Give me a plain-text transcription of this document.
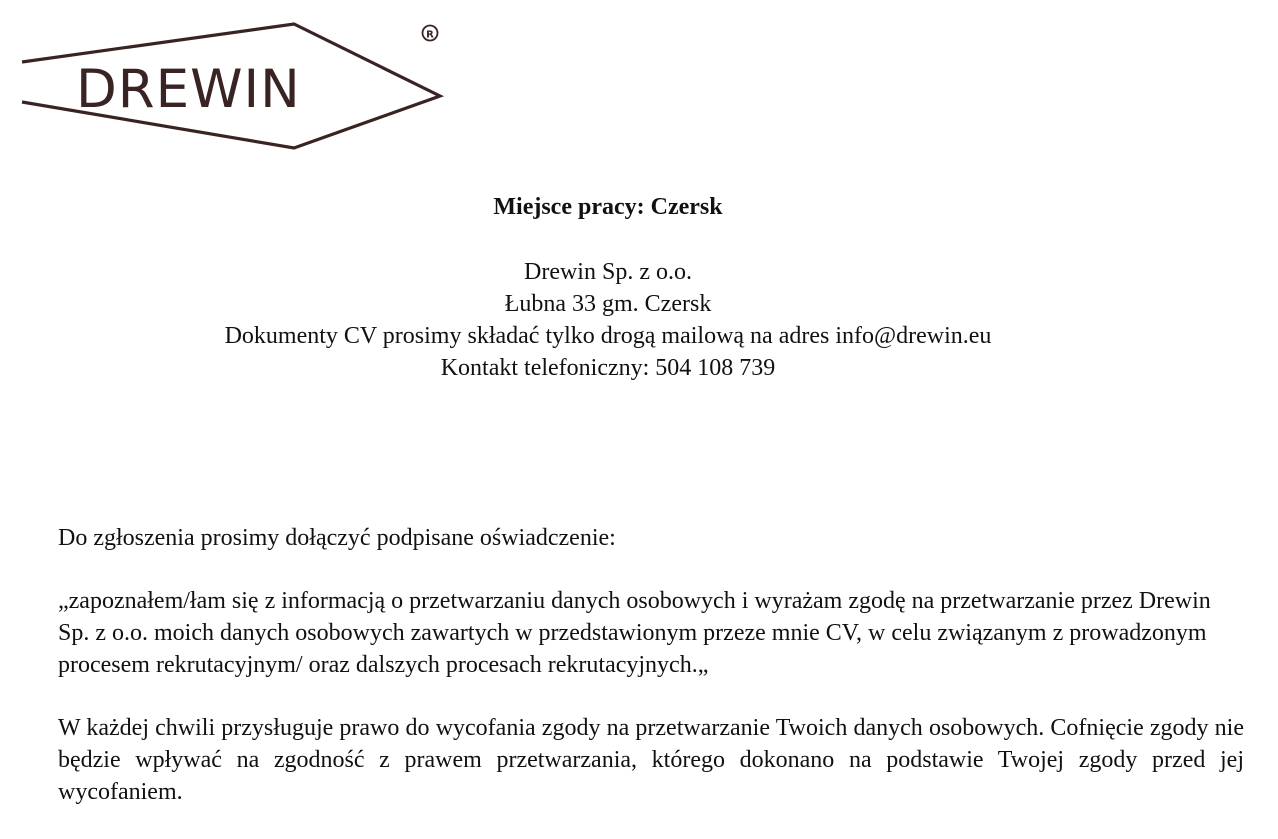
DREWIN
R

Miejsce pracy: Czersk

Drewin Sp. z o.o.

Łubna 33 gm. Czersk

Dokumenty CV prosimy składać tylko drogą mailową na adres info@drewin.eu

Kontakt telefoniczny: 504 108 739

Do zgłoszenia prosimy dołączyć podpisane oświadczenie:

„zapoznałem/łam się z informacją o przetwarzaniu danych osobowych i wyrażam zgodę na przetwarzanie przez Drewin Sp. z o.o. moich danych osobowych zawartych w przedstawionym przeze mnie CV, w celu związanym z prowadzonym procesem rekrutacyjnym/ oraz dalszych procesach rekrutacyjnych.„

W każdej chwili przysługuje prawo do wycofania zgody na przetwarzanie Twoich danych osobowych. Cofnięcie zgody nie będzie wpływać na zgodność z prawem przetwarzania, którego dokonano na podstawie Twojej zgody przed jej wycofaniem.
